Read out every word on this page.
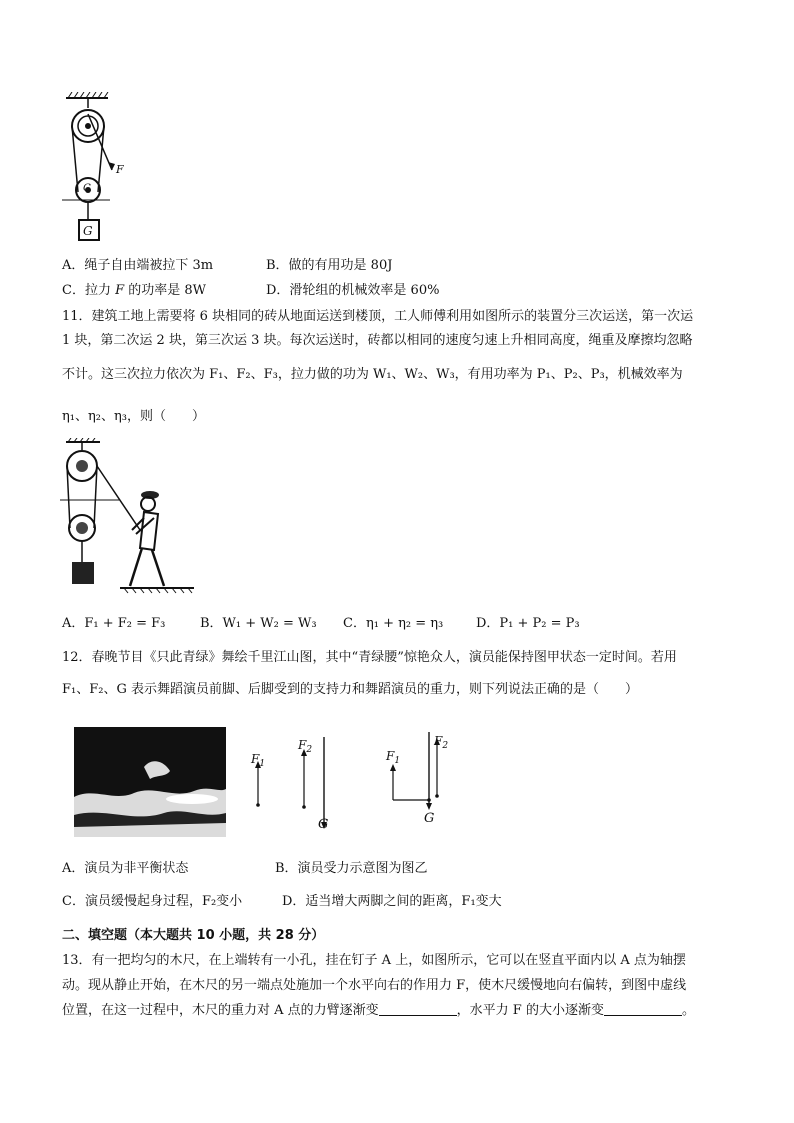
F
G
G
A．绳子自由端被拉下 3m	B．做的有用功是 80J
C．拉力 F 的功率是 8W	D．滑轮组的机械效率是 60%
11．建筑工地上需要将 6 块相同的砖从地面运送到楼顶，工人师傅利用如图所示的装置分三次运送，第一次运
1 块，第二次运 2 块，第三次运 3 块。每次运送时，砖都以相同的速度匀速上升相同高度，绳重及摩擦均忽略
不计。这三次拉力依次为 F₁、F₂、F₃，拉力做的功为 W₁、W₂、W₃，有用功率为 P₁、P₂、P₃，机械效率为
η₁、η₂、η₃，则（　　）
A．F₁ + F₂ = F₃	B．W₁ + W₂ = W₃ C．η₁ + η₂ = η₃	D．P₁ + P₂ = P₃
12．春晚节目《只此青绿》舞绘千里江山图，其中“青绿腰”惊艳众人，演员能保持图甲状态一定时间。若用
F₁、F₂、G 表示舞蹈演员前脚、后脚受到的支持力和舞蹈演员的重力，则下列说法正确的是（　　）
$F_1$
$F_2$
G
$F_1$
$F_2$
G
A．演员为非平衡状态	B．演员受力示意图为图乙
C．演员缓慢起身过程，F₂变小	D．适当增大两脚之间的距离，F₁变大
二、填空题（本大题共 10 小题，共 28 分）
13．有一把均匀的木尺，在上端转有一小孔，挂在钉子 A 上，如图所示，它可以在竖直平面内以 A 点为轴摆
动。现从静止开始，在木尺的另一端点处施加一个水平向右的作用力 F，使木尺缓慢地向右偏转，到图中虚线
位置，在这一过程中，木尺的重力对 A 点的力臂逐渐变	，水平力 F 的大小逐渐变	。
